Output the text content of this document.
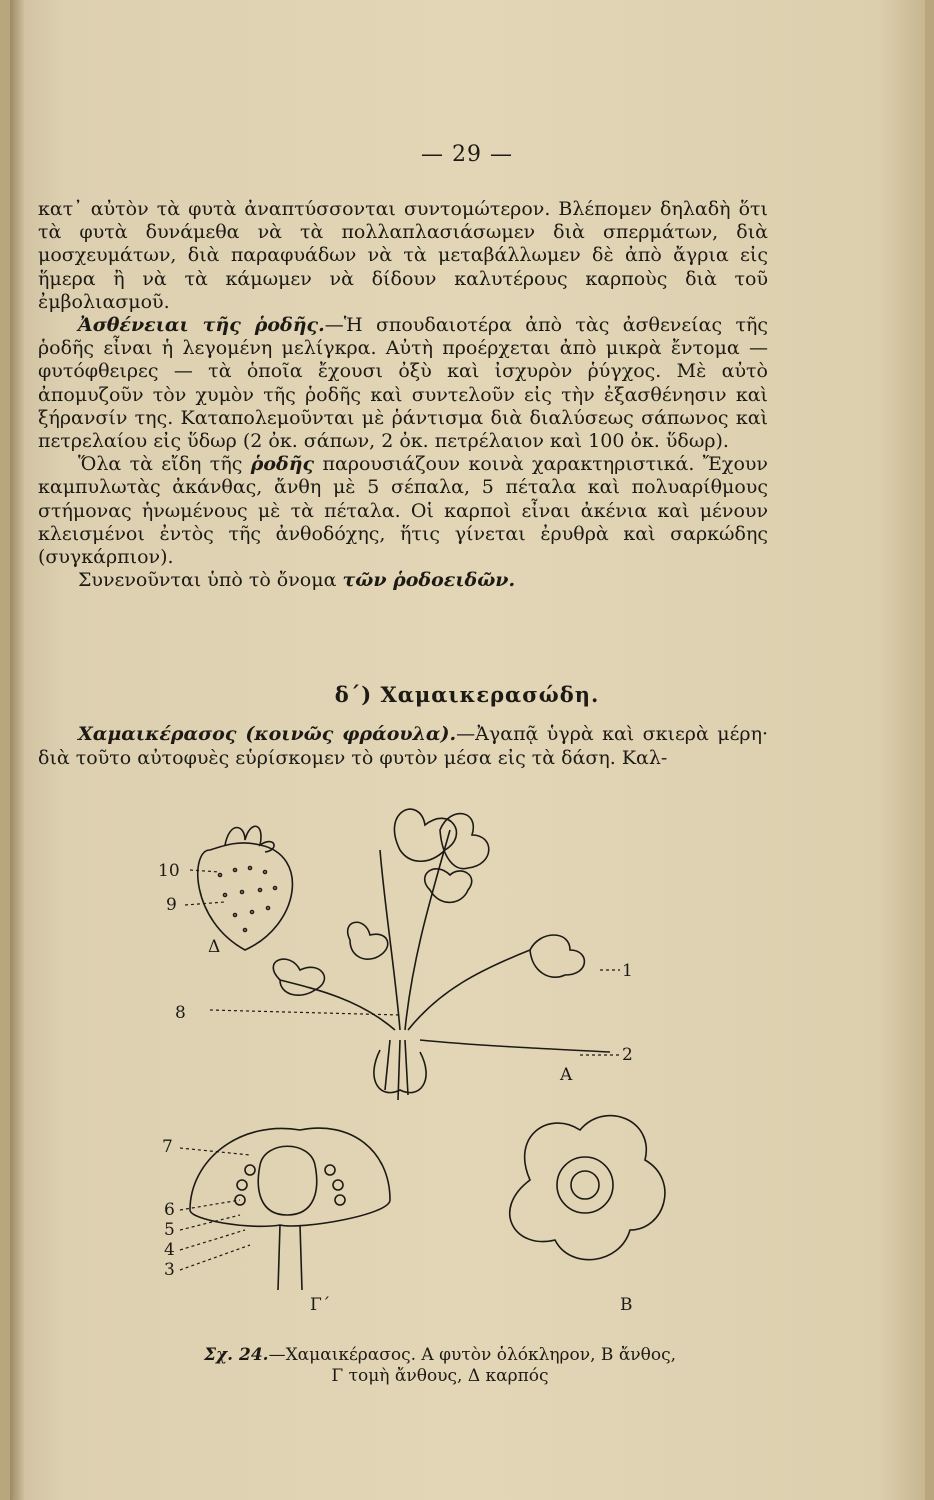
— 29 —

κατ᾽ αὐτὸν τὰ φυτὰ ἀναπτύσσονται συντομώτερον. Βλέπομεν δηλαδὴ ὅτι τὰ φυτὰ δυνάμεθα νὰ τὰ πολλαπλασιάσωμεν διὰ σπερμάτων, διὰ μοσχευμάτων, διὰ παραφυάδων νὰ τὰ μεταβάλλωμεν δὲ ἀπὸ ἄγρια εἰς ἥμερα ἢ νὰ τὰ κάμωμεν νὰ δίδουν καλυτέρους καρποὺς διὰ τοῦ ἐμβολιασμοῦ.

Ἀσθένειαι τῆς ῥοδῆς.—Ἡ σπουδαιοτέρα ἀπὸ τὰς ἀσθενείας τῆς ῥοδῆς εἶναι ἡ λεγομένη μελίγκρα. Αὐτὴ προέρχεται ἀπὸ μικρὰ ἔντομα — φυτόφθειρες — τὰ ὁποῖα ἔχουσι ὀξὺ καὶ ἰσχυρὸν ῥύγχος. Μὲ αὐτὸ ἀπομυζοῦν τὸν χυμὸν τῆς ῥοδῆς καὶ συντελοῦν εἰς τὴν ἐξασθένησιν καὶ ξήρανσίν της. Καταπολεμοῦνται μὲ ῥάντισμα διὰ διαλύσεως σάπωνος καὶ πετρελαίου εἰς ὕδωρ (2 ὀκ. σάπων, 2 ὀκ. πετρέλαιον καὶ 100 ὀκ. ὕδωρ).

Ὅλα τὰ εἴδη τῆς ῥοδῆς παρουσιάζουν κοινὰ χαρακτηριστικά. Ἔχουν καμπυλωτὰς ἀκάνθας, ἄνθη μὲ 5 σέπαλα, 5 πέταλα καὶ πολυαρίθμους στήμονας ἡνωμένους μὲ τὰ πέταλα. Οἱ καρποὶ εἶναι ἀκένια καὶ μένουν κλεισμένοι ἐντὸς τῆς ἀνθοδόχης, ἥτις γίνεται ἐρυθρὰ καὶ σαρκώδης (συγκάρπιον).

Συνενοῦνται ὑπὸ τὸ ὄνομα τῶν ῥοδοειδῶν.

δ΄) Χαμαικερασώδη.

Χαμαικέρασος (κοινῶς φράουλα).—Ἀγαπᾷ ὑγρὰ καὶ σκιερὰ μέρη· διὰ τοῦτο αὐτοφυὲς εὑρίσκομεν τὸ φυτὸν μέσα εἰς τὰ δάση. Καλ-

10
9
Δ
8
1
2
Α
7
6
5
4
3
Γ΄	Β
Σχ. 24.—Χαμαικέρασος. Α φυτὸν ὁλόκληρον, Β ἄνθος,
Γ τομὴ ἄνθους, Δ καρπός
